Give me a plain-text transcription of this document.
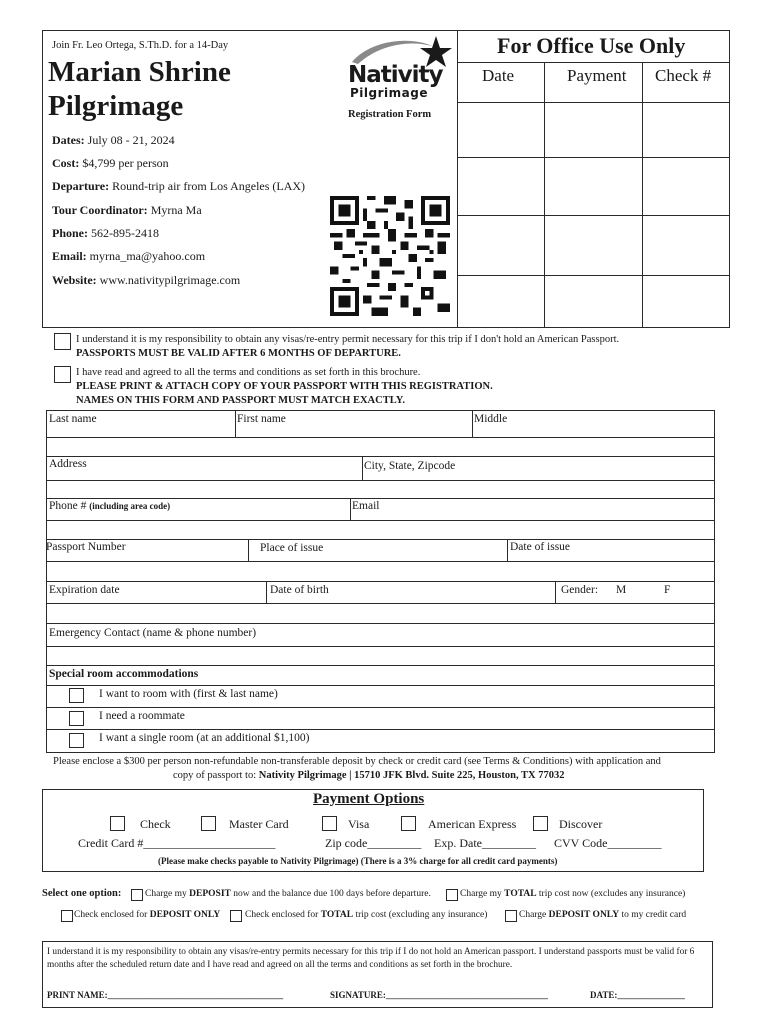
Join Fr. Leo Ortega, S.Th.D. for a 14-Day
Marian Shrine
Pilgrimage
Nativity
Pilgrimage
Registration Form
Dates: July 08 - 21, 2024
Cost: $4,799 per person
Departure: Round-trip air from Los Angeles (LAX)
Tour Coordinator: Myrna Ma
Phone: 562-895-2418
Email: myrna_ma@yahoo.com
Website: www.nativitypilgrimage.com
For Office Use Only
Date	Payment Check #
I understand it is my responsibility to obtain any visas/re-entry permit necessary for this trip if I don't hold an American Passport.
PASSPORTS MUST BE VALID AFTER 6 MONTHS OF DEPARTURE.
I have read and agreed to all the terms and conditions as set forth in this brochure.
PLEASE PRINT & ATTACH COPY OF YOUR PASSPORT WITH THIS REGISTRATION.
NAMES ON THIS FORM AND PASSPORT MUST MATCH EXACTLY.
Last name	First name	Middle
Address	City, State, Zipcode
Phone # (including area code)	Email
Passport Number	Place of issue	Date of issue
Expiration date	Date of birth	Gender: M	F
Emergency Contact (name & phone number)
Special room accommodations
I want to room with (first & last name)
I need a roommate
I want a single room (at an additional $1,100)
Please enclose a $300 per person non-refundable non-transferable deposit by check or credit card (see Terms & Conditions) with application and
copy of passport to: Nativity Pilgrimage | 15710 JFK Blvd. Suite 225, Houston, TX 77032
Payment Options
Check	Master Card	Visa	American Express	Discover
Credit Card #______________________	Zip code_________ Exp. Date_________ CVV Code_________
(Please make checks payable to Nativity Pilgrimage) (There is a 3% charge for all credit card payments)
Select one option: Charge my DEPOSIT now and the balance due 100 days before departure.	Charge my TOTAL trip cost now (excludes any insurance)
Check enclosed for DEPOSIT ONLY	Check enclosed for TOTAL trip cost (excluding any insurance)	Charge DEPOSIT ONLY to my credit card
I understand it is my responsibility to obtain any visas/re-entry permits necessary for this trip if I do not hold an American passport. I understand passports must be valid for 6 months after the scheduled return date and I have read and agreed on all the terms and conditions as set forth in the brochure.
PRINT NAME:_______________________________________	SIGNATURE:____________________________________	DATE:_______________
